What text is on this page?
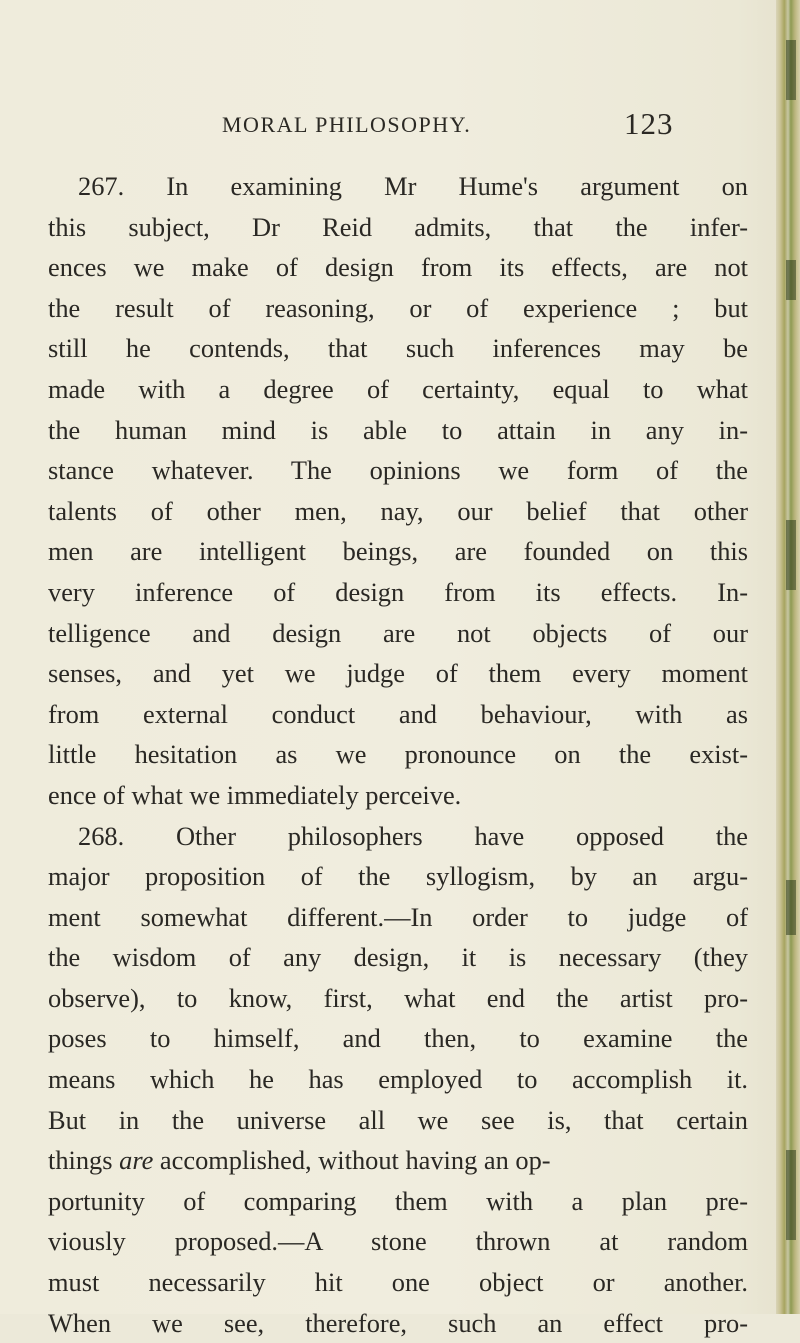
MORAL PHILOSOPHY.	123
267. In examining Mr Hume's argument on
this subject, Dr Reid admits, that the infer-
ences we make of design from its effects, are not
the result of reasoning, or of experience ; but
still he contends, that such inferences may be
made with a degree of certainty, equal to what
the human mind is able to attain in any in-
stance whatever. The opinions we form of the
talents of other men, nay, our belief that other
men are intelligent beings, are founded on this
very inference of design from its effects. In-
telligence and design are not objects of our
senses, and yet we judge of them every moment
from external conduct and behaviour, with as
little hesitation as we pronounce on the exist-
ence of what we immediately perceive.
268. Other philosophers have opposed the
major proposition of the syllogism, by an argu-
ment somewhat different.—In order to judge of
the wisdom of any design, it is necessary (they
observe), to know, first, what end the artist pro-
poses to himself, and then, to examine the
means which he has employed to accomplish it.
But in the universe all we see is, that certain
things are accomplished, without having an op-
portunity of comparing them with a plan pre-
viously proposed.—A stone thrown at random
must necessarily hit one object or another.
When we see, therefore, such an effect pro-
